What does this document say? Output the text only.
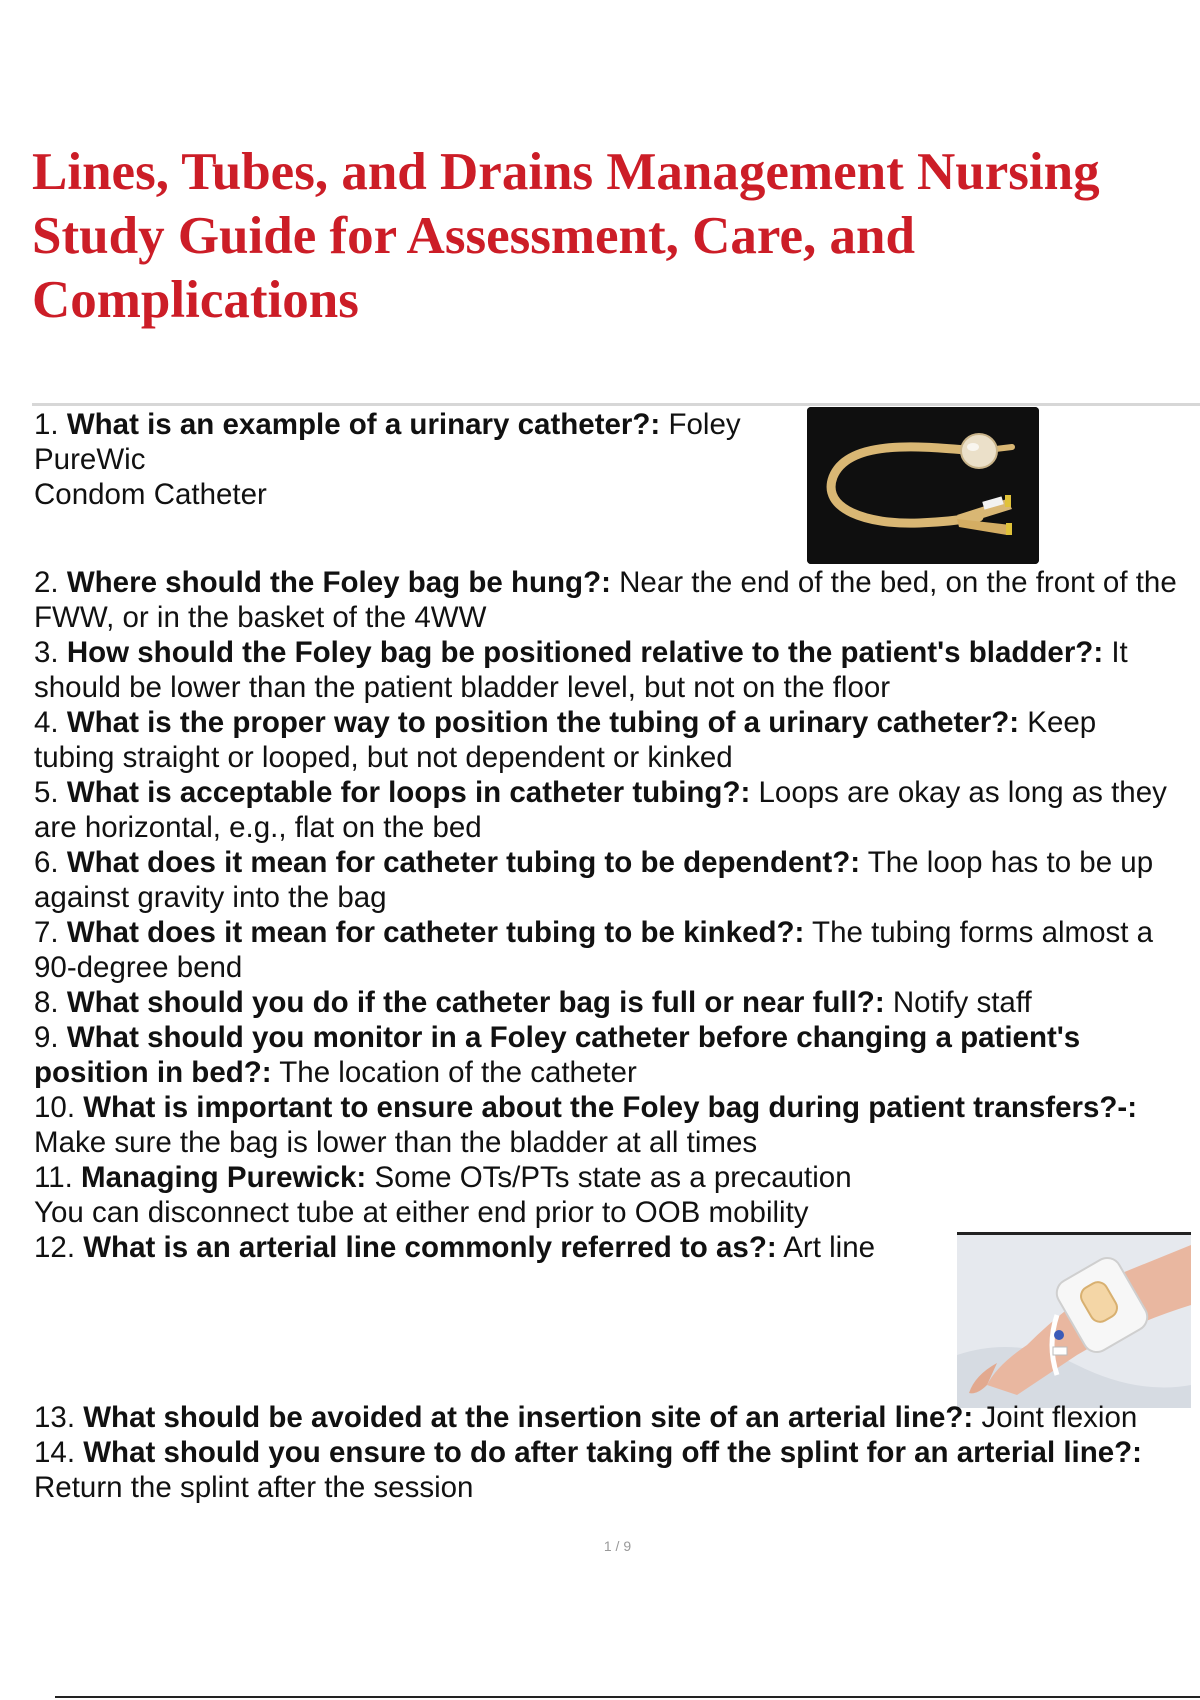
Lines, Tubes, and Drains Management Nursing Study Guide for Assessment, Care, and Complications

1. What is an example of a urinary catheter?: Foley
PureWic
Condom Catheter

2. Where should the Foley bag be hung?: Near the end of the bed, on the front of the FWW, or in the basket of the 4WW

3. How should the Foley bag be positioned relative to the patient's bladder?: It should be lower than the patient bladder level, but not on the floor

4. What is the proper way to position the tubing of a urinary catheter?: Keep tubing straight or looped, but not dependent or kinked

5. What is acceptable for loops in catheter tubing?: Loops are okay as long as they are horizontal, e.g., flat on the bed

6. What does it mean for catheter tubing to be dependent?: The loop has to be up against gravity into the bag

7. What does it mean for catheter tubing to be kinked?: The tubing forms almost a 90-degree bend

8. What should you do if the catheter bag is full or near full?: Notify staff

9. What should you monitor in a Foley catheter before changing a patient's position in bed?: The location of the catheter

10. What is important to ensure about the Foley bag during patient transfers?-: Make sure the bag is lower than the bladder at all times

11. Managing Purewick: Some OTs/PTs state as a precaution
You can disconnect tube at either end prior to OOB mobility

12. What is an arterial line commonly referred to as?: Art line

13. What should be avoided at the insertion site of an arterial line?: Joint flexion

14. What should you ensure to do after taking off the splint for an arterial line?: Return the splint after the session

1 / 9
